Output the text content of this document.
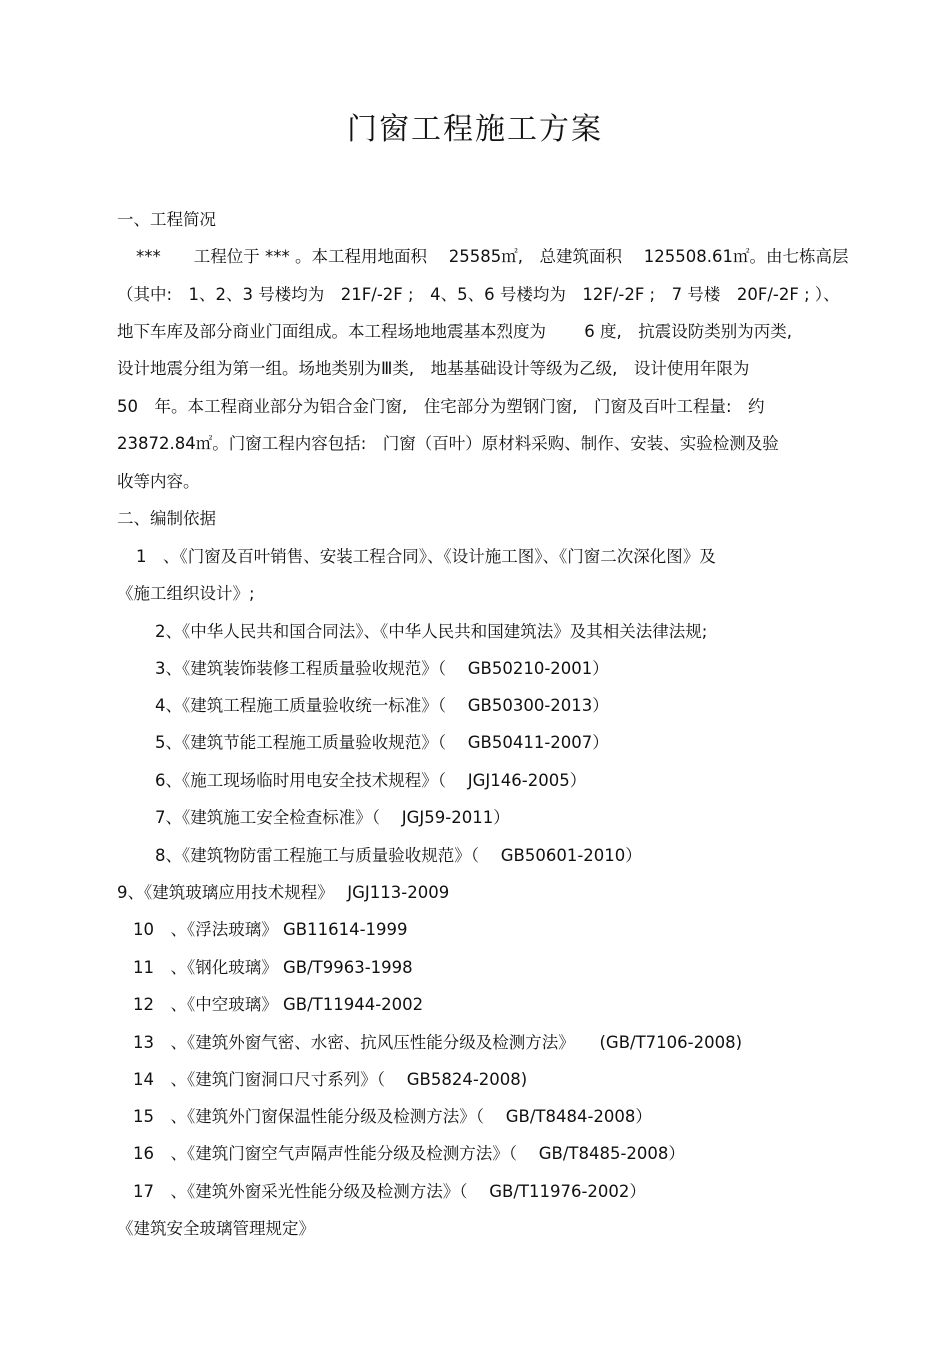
门窗工程施工方案
一、工程简况
***　　工程位于 *** 。本工程用地面积　 25585㎡,　总建筑面积　 125508.61㎡。由七栋高层
（其中:　1、2、3 号楼均为　21F/-2F ;　4、5、6 号楼均为　12F/-2F ;　7 号楼　20F/-2F ; ）、
地下车库及部分商业门面组成。本工程场地地震基本烈度为　　 6 度,　抗震设防类别为丙类,
设计地震分组为第一组。场地类别为Ⅲ类,　地基基础设计等级为乙级,　设计使用年限为
50　年。本工程商业部分为铝合金门窗,　住宅部分为塑钢门窗,　门窗及百叶工程量:　约
23872.84㎡。门窗工程内容包括:　门窗（百叶）原材料采购、制作、安装、实验检测及验
收等内容。
二、编制依据
1　、《门窗及百叶销售、安装工程合同》、《设计施工图》、《门窗二次深化图》及
《施工组织设计》;
2、《中华人民共和国合同法》、《中华人民共和国建筑法》及其相关法律法规;
3、《建筑装饰装修工程质量验收规范》（　 GB50210-2001）
4、《建筑工程施工质量验收统一标准》（　 GB50300-2013）
5、《建筑节能工程施工质量验收规范》（　 GB50411-2007）
6、《施工现场临时用电安全技术规程》（　 JGJ146-2005）
7、《建筑施工安全检查标准》（　 JGJ59-2011）
8、《建筑物防雷工程施工与质量验收规范》（　 GB50601-2010）
9、《建筑玻璃应用技术规程》　 JGJ113-2009
10　、《浮法玻璃》 GB11614-1999
11　、《钢化玻璃》 GB/T9963-1998
12　、《中空玻璃》 GB/T11944-2002
13　、《建筑外窗气密、水密、抗风压性能分级及检测方法》　　(GB/T7106-2008)
14　、《建筑门窗洞口尺寸系列》（　 GB5824-2008)
15　、《建筑外门窗保温性能分级及检测方法》（　 GB/T8484-2008）
16　、《建筑门窗空气声隔声性能分级及检测方法》（　 GB/T8485-2008）
17　、《建筑外窗采光性能分级及检测方法》（　 GB/T11976-2002）
《建筑安全玻璃管理规定》
